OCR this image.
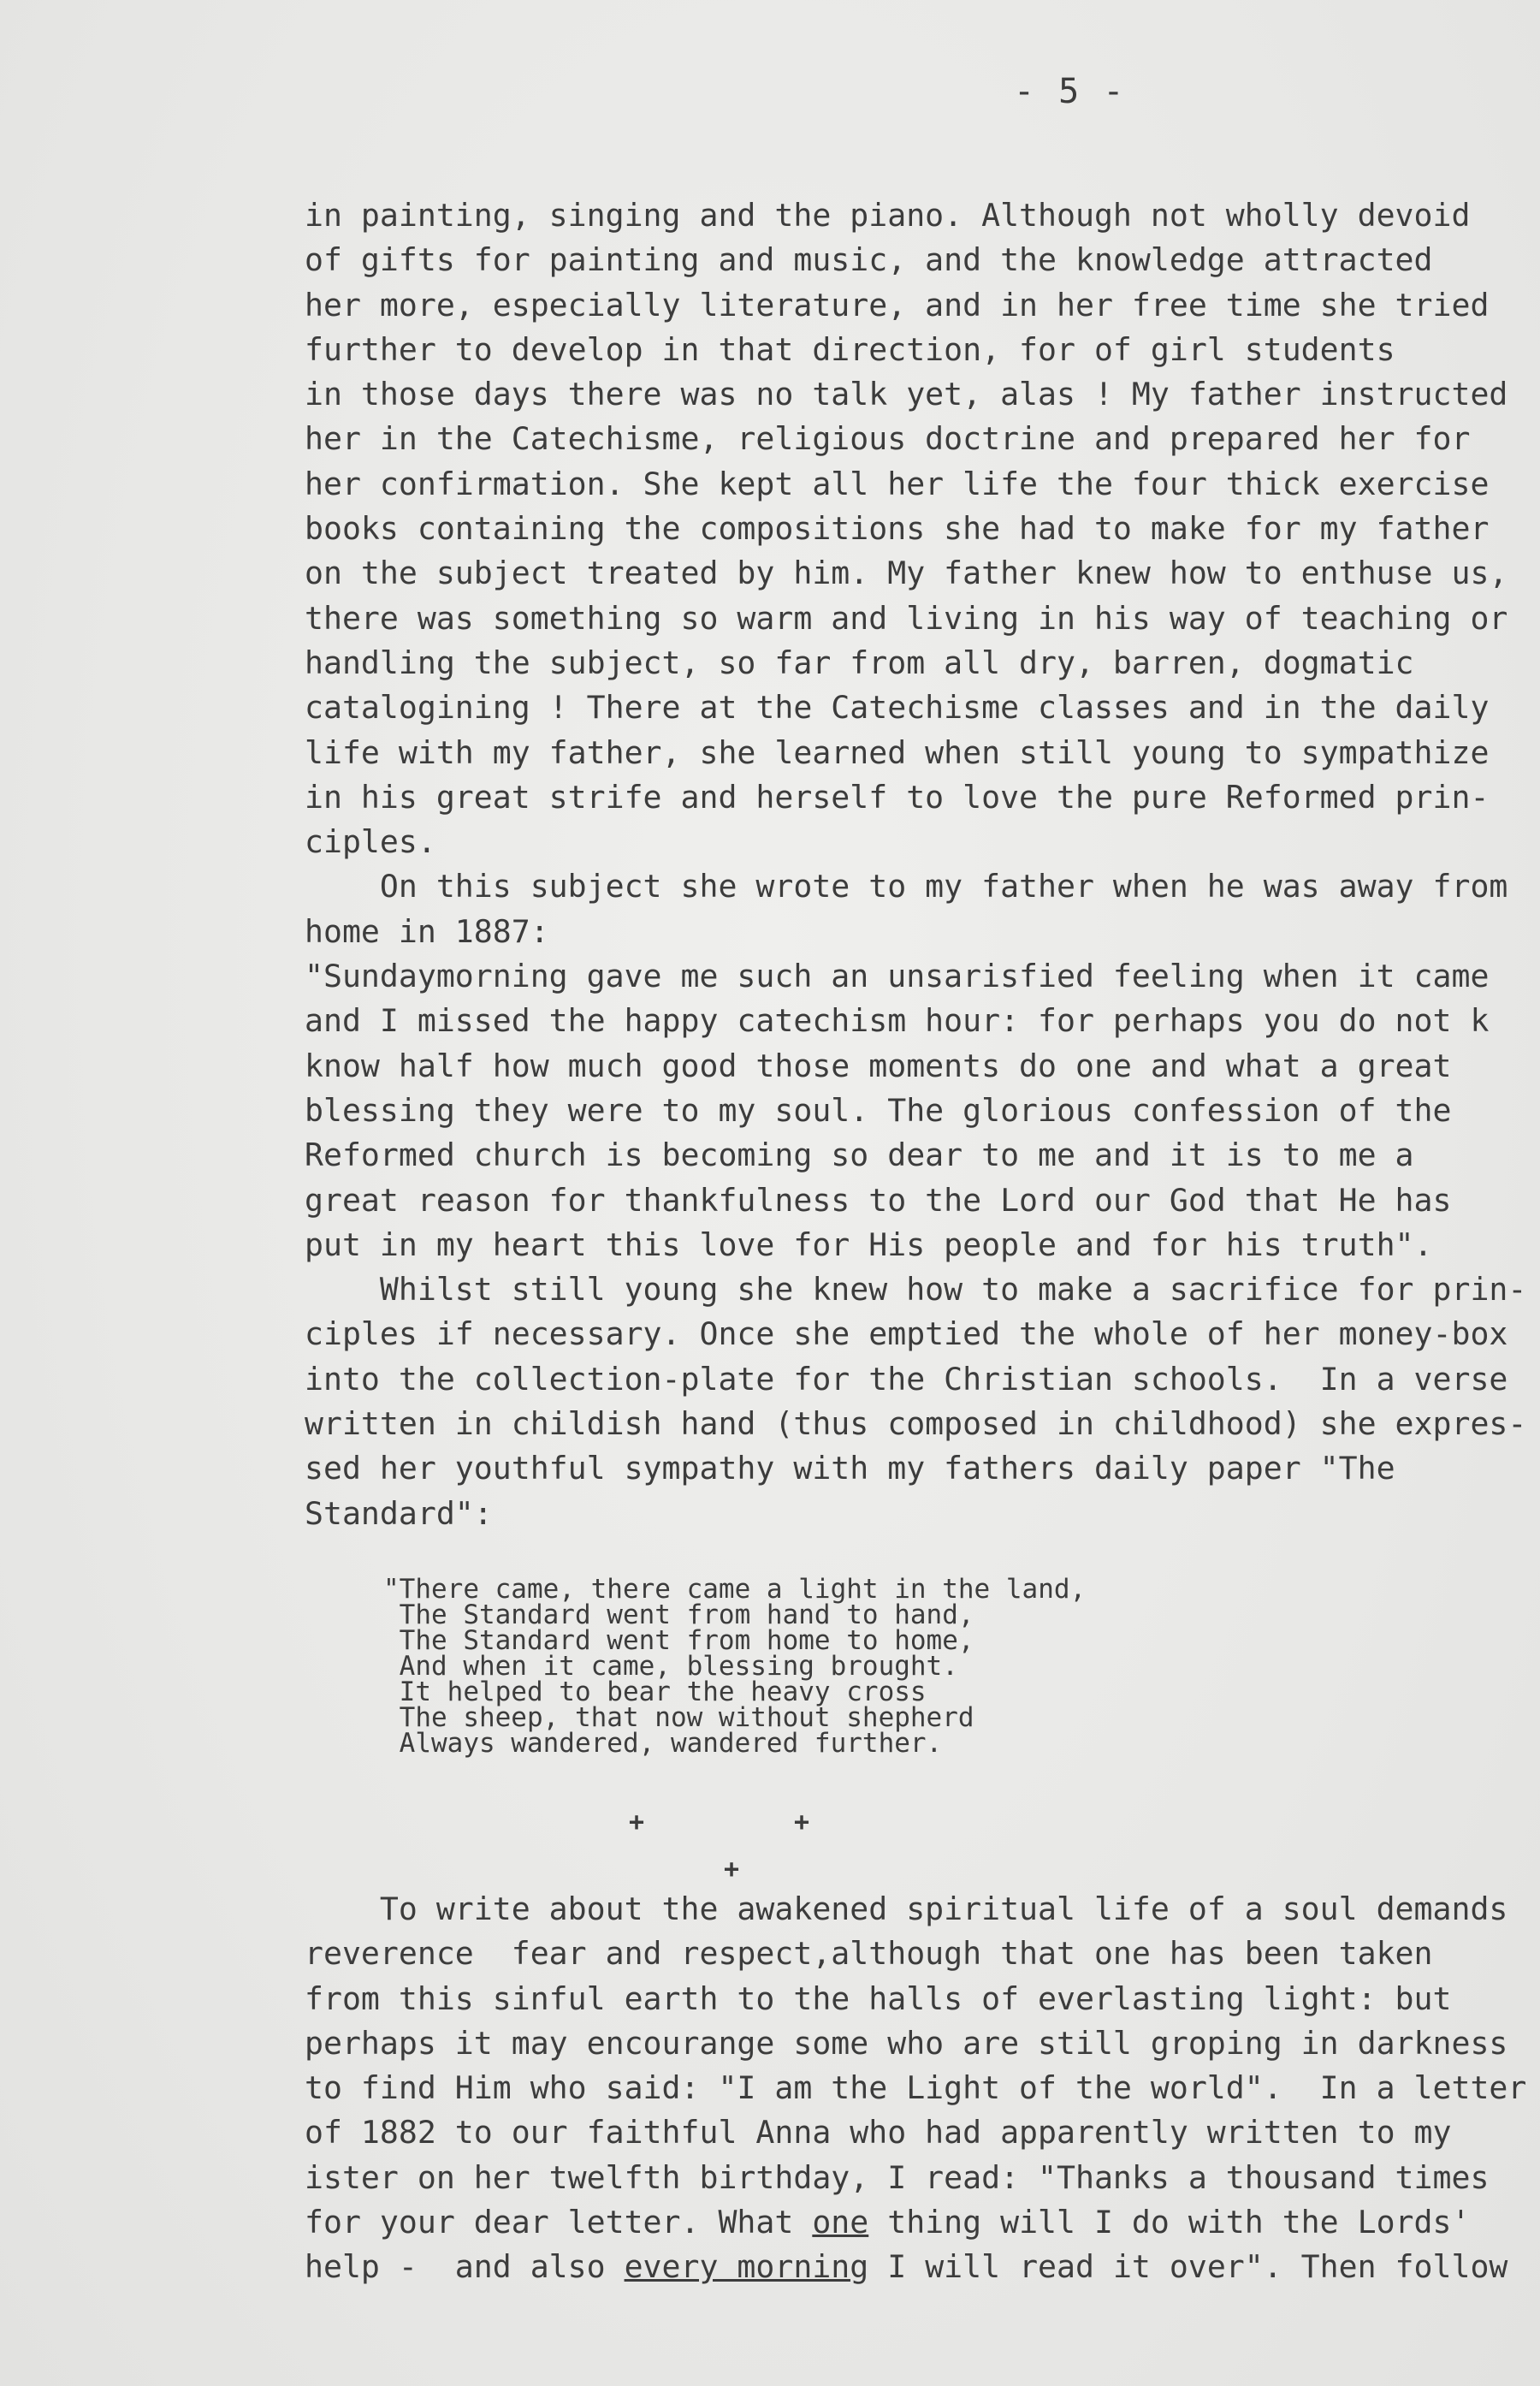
- 5 -
in painting, singing and the piano. Although not wholly devoid
of gifts for painting and music, and the knowledge attracted
her more, especially literature, and in her free time she tried
further to develop in that direction, for of girl students
in those days there was no talk yet, alas ! My father instructed
her in the Catechisme, religious doctrine and prepared her for
her confirmation. She kept all her life the four thick exercise
books containing the compositions she had to make for my father
on the subject treated by him. My father knew how to enthuse us,
there was something so warm and living in his way of teaching or
handling the subject, so far from all dry, barren, dogmatic
catalogining ! There at the Catechisme classes and in the daily
life with my father, she learned when still young to sympathize
in his great strife and herself to love the pure Reformed prin-
ciples.
On this subject she wrote to my father when he was away from
home in 1887:
"Sundaymorning gave me such an unsarisfied feeling when it came
and I missed the happy catechism hour: for perhaps you do not k
know half how much good those moments do one and what a great
blessing they were to my soul. The glorious confession of the
Reformed church is becoming so dear to me and it is to me a
great reason for thankfulness to the Lord our God that He has
put in my heart this love for His people and for his truth".
Whilst still young she knew how to make a sacrifice for prin-
ciples if necessary. Once she emptied the whole of her money-box
into the collection-plate for the Christian schools.  In a verse
written in childish hand (thus composed in childhood) she expres-
sed her youthful sympathy with my fathers daily paper "The
Standard":
"There came, there came a light in the land,
The Standard went from hand to hand,
The Standard went from home to home,
And when it came, blessing brought.
It helped to bear the heavy cross
The sheep, that now without shepherd
Always wandered, wandered further.
+	+
+
To write about the awakened spiritual life of a soul demands
reverence  fear and respect,although that one has been taken
from this sinful earth to the halls of everlasting light: but
perhaps it may encourange some who are still groping in darkness
to find Him who said: "I am the Light of the world".  In a letter
of 1882 to our faithful Anna who had apparently written to my
ister on her twelfth birthday, I read: "Thanks a thousand times
for your dear letter. What one thing will I do with the Lords'
help -  and also every morning I will read it over". Then follow
